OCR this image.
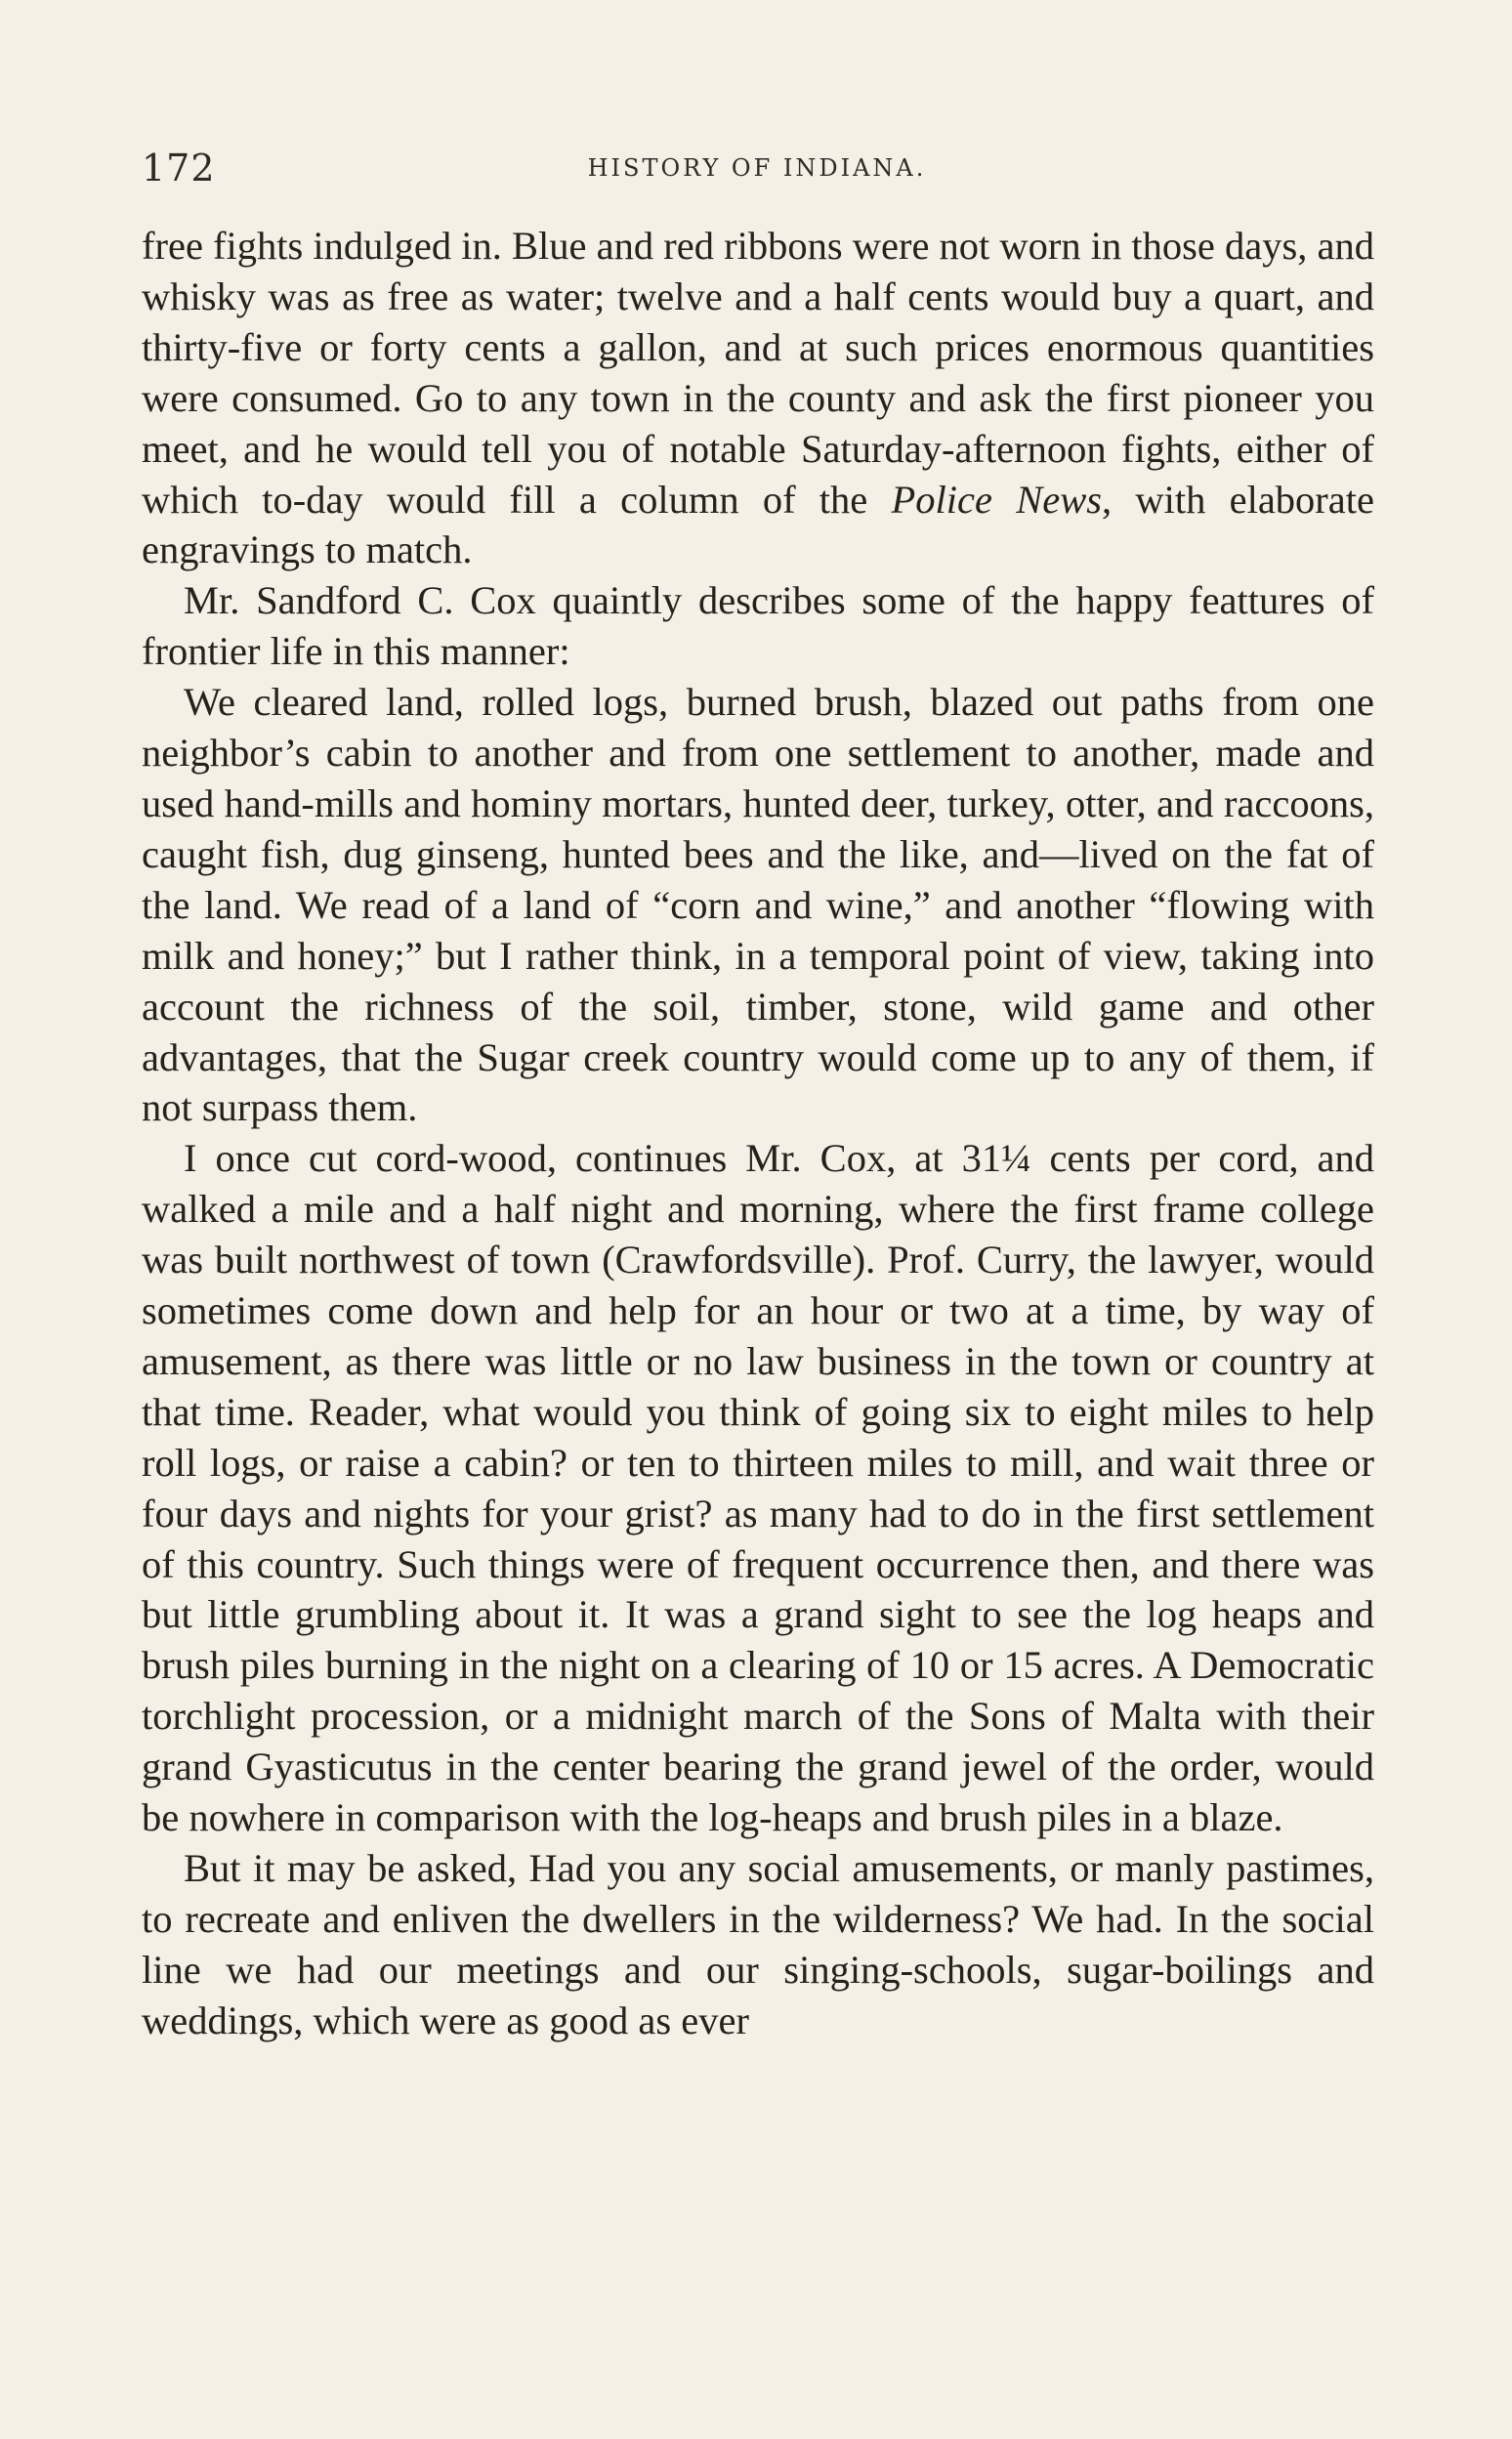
172	HISTORY OF INDIANA.

free fights indulged in. Blue and red ribbons were not worn in those days, and whisky was as free as water; twelve and a half cents would buy a quart, and thirty-five or forty cents a gallon, and at such prices enormous quantities were consumed. Go to any town in the county and ask the first pioneer you meet, and he would tell you of notable Saturday-afternoon fights, either of which to-day would fill a column of the Police News, with elaborate engravings to match.

Mr. Sandford C. Cox quaintly describes some of the happy feattures of frontier life in this manner:

We cleared land, rolled logs, burned brush, blazed out paths from one neighbor’s cabin to another and from one settlement to another, made and used hand-mills and hominy mortars, hunted deer, turkey, otter, and raccoons, caught fish, dug ginseng, hunted bees and the like, and—lived on the fat of the land. We read of a land of “corn and wine,” and another “flowing with milk and honey;” but I rather think, in a temporal point of view, taking into account the richness of the soil, timber, stone, wild game and other advantages, that the Sugar creek country would come up to any of them, if not surpass them.

I once cut cord-wood, continues Mr. Cox, at 31¼ cents per cord, and walked a mile and a half night and morning, where the first frame college was built northwest of town (Crawfordsville). Prof. Curry, the lawyer, would sometimes come down and help for an hour or two at a time, by way of amusement, as there was little or no law business in the town or country at that time. Reader, what would you think of going six to eight miles to help roll logs, or raise a cabin? or ten to thirteen miles to mill, and wait three or four days and nights for your grist? as many had to do in the first settlement of this country. Such things were of frequent occurrence then, and there was but little grumbling about it. It was a grand sight to see the log heaps and brush piles burning in the night on a clearing of 10 or 15 acres. A Democratic torchlight procession, or a midnight march of the Sons of Malta with their grand Gyasticutus in the center bearing the grand jewel of the order, would be nowhere in comparison with the log-heaps and brush piles in a blaze.

But it may be asked, Had you any social amusements, or manly pastimes, to recreate and enliven the dwellers in the wilderness? We had. In the social line we had our meetings and our singing-schools, sugar-boilings and weddings, which were as good as ever
